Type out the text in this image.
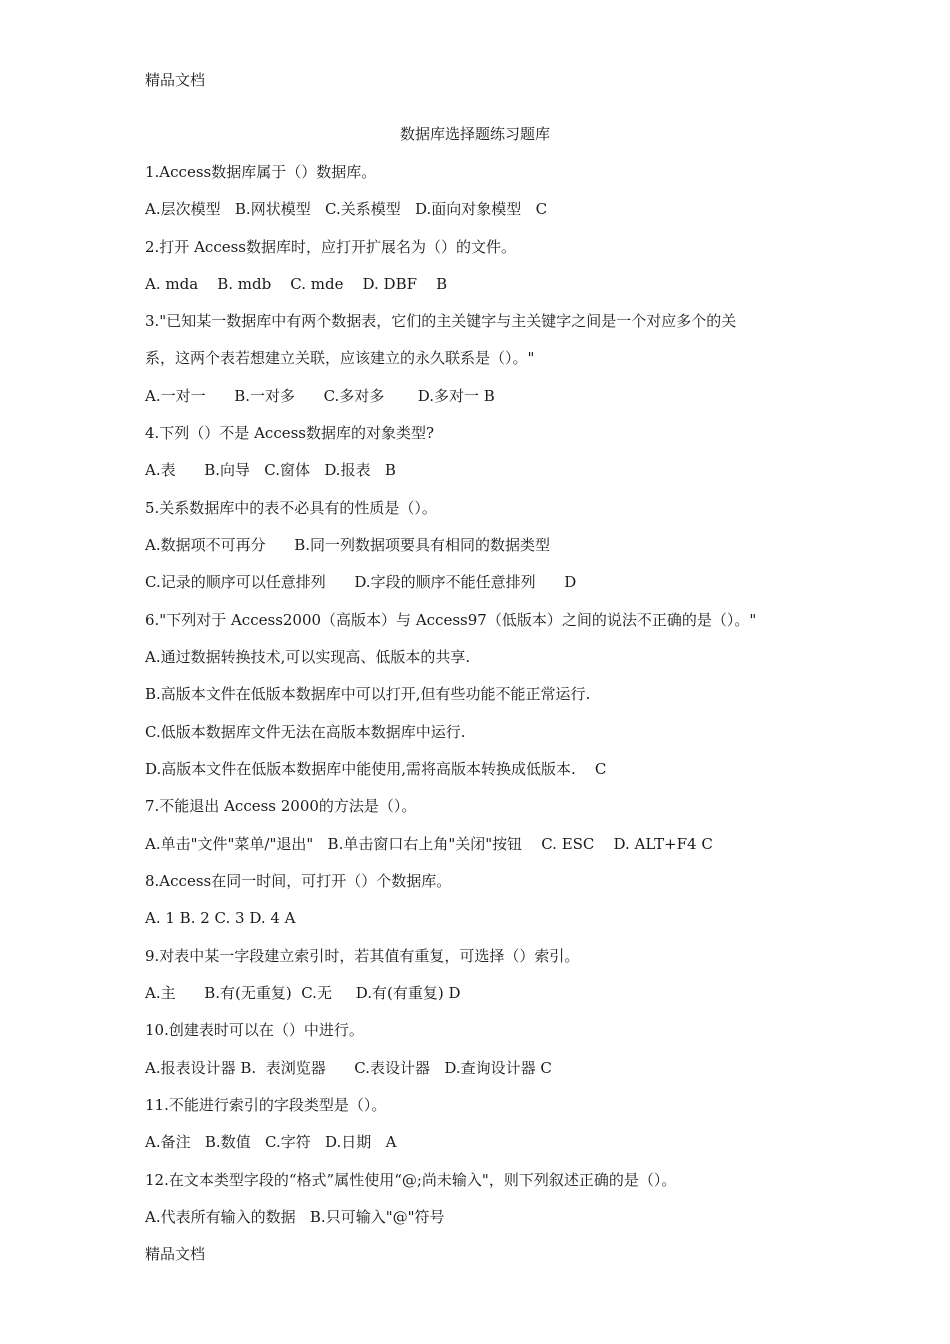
精品文档
数据库选择题练习题库
1.Access数据库属于（）数据库。
A.层次模型   B.网状模型   C.关系模型   D.面向对象模型   C
2.打开 Access数据库时，应打开扩展名为（）的文件。
A. mda    B. mdb    C. mde    D. DBF    B
3."已知某一数据库中有两个数据表，它们的主关键字与主关键字之间是一个对应多个的关
系，这两个表若想建立关联，应该建立的永久联系是（）。"
A.一对一      B.一对多      C.多对多       D.多对一 B
4.下列（）不是 Access数据库的对象类型?
A.表      B.向导   C.窗体   D.报表   B
5.关系数据库中的表不必具有的性质是（）。
A.数据项不可再分      B.同一列数据项要具有相同的数据类型
C.记录的顺序可以任意排列      D.字段的顺序不能任意排列      D
6."下列对于 Access2000（高版本）与 Access97（低版本）之间的说法不正确的是（）。"
A.通过数据转换技术,可以实现高、低版本的共享.
B.高版本文件在低版本数据库中可以打开,但有些功能不能正常运行.
C.低版本数据库文件无法在高版本数据库中运行.
D.高版本文件在低版本数据库中能使用,需将高版本转换成低版本.    C
7.不能退出 Access 2000的方法是（）。
A.单击"文件"菜单/"退出"   B.单击窗口右上角"关闭"按钮    C. ESC    D. ALT+F4 C
8.Access在同一时间，可打开（）个数据库。
A. 1 B. 2 C. 3 D. 4 A
9.对表中某一字段建立索引时，若其值有重复，可选择（）索引。
A.主      B.有(无重复)  C.无     D.有(有重复) D
10.创建表时可以在（）中进行。
A.报表设计器 B.  表浏览器      C.表设计器   D.查询设计器 C
11.不能进行索引的字段类型是（）。
A.备注   B.数值   C.字符   D.日期   A
12.在文本类型字段的“格式”属性使用“@;尚未输入"，则下列叙述正确的是（）。
A.代表所有输入的数据   B.只可输入"@"符号
精品文档
